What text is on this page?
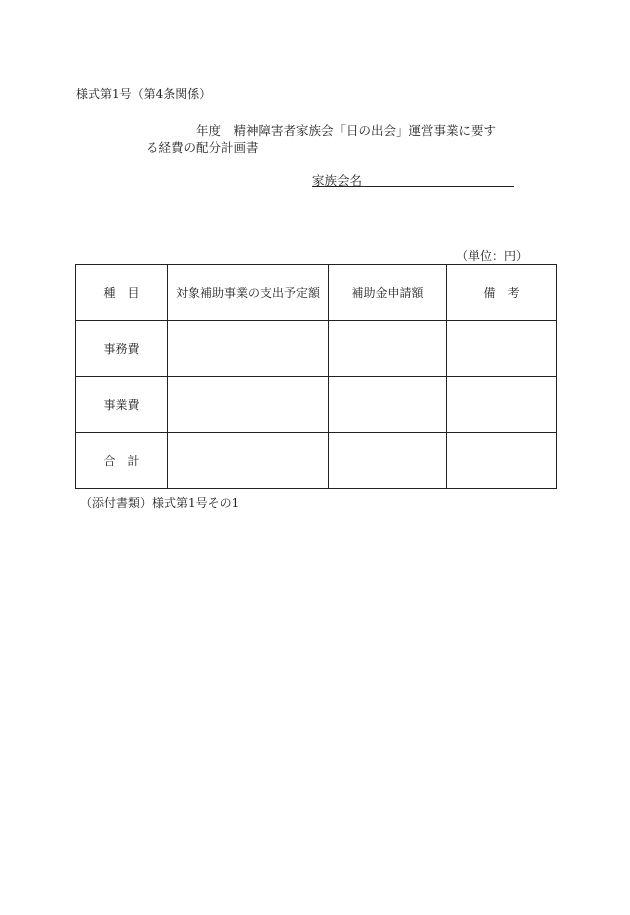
様式第1号（第4条関係）
年度　精神障害者家族会「日の出会」運営事業に要す
る経費の配分計画書
家族会名
（単位：円）
種　目	対象補助事業の支出予定額	補助金申請額	備　考
事務費			
事業費			
合　計			
（添付書類）様式第1号その1
